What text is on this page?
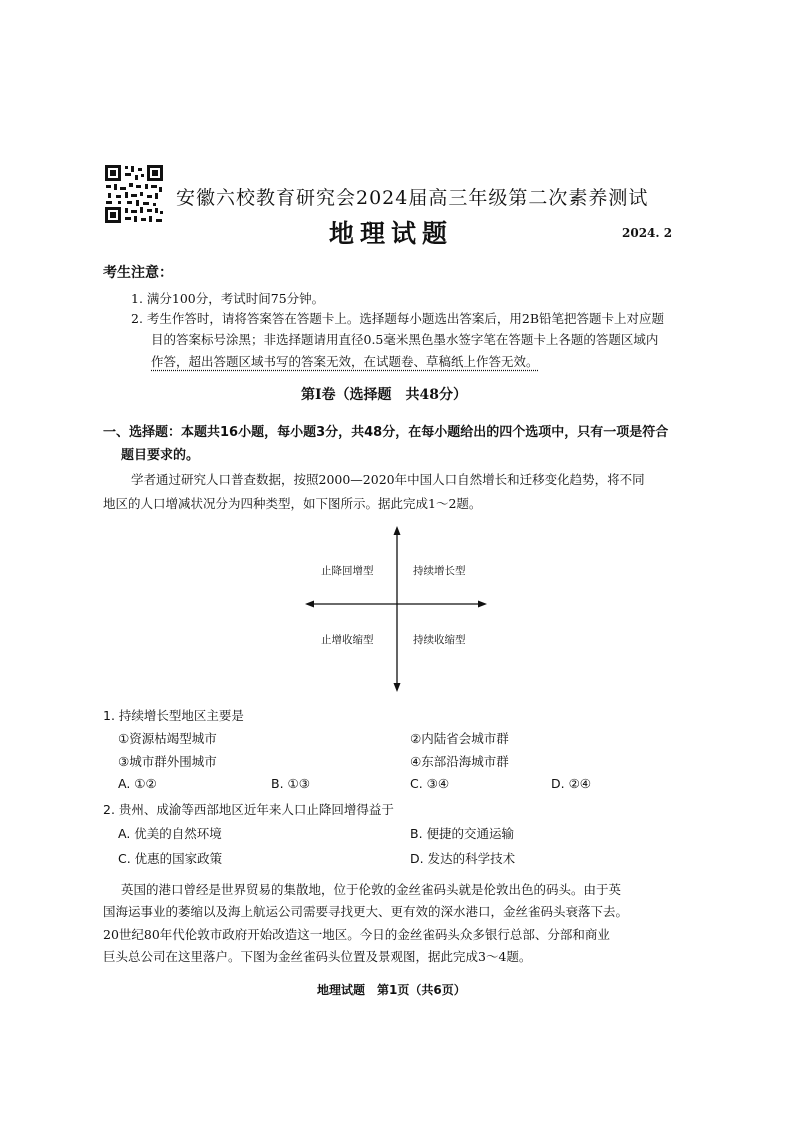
安徽六校教育研究会2024届高三年级第二次素养测试
地理试题	2024. 2
考生注意：
1. 满分100分，考试时间75分钟。
2. 考生作答时，请将答案答在答题卡上。选择题每小题选出答案后，用2B铅笔把答题卡上对应题
目的答案标号涂黑；非选择题请用直径0.5毫米黑色墨水签字笔在答题卡上各题的答题区域内
作答，超出答题区域书写的答案无效，在试题卷、草稿纸上作答无效。
第Ⅰ卷（选择题　共48分）
一、选择题：本题共16小题，每小题3分，共48分，在每小题给出的四个选项中，只有一项是符合
题目要求的。
学者通过研究人口普查数据，按照2000—2020年中国人口自然增长和迁移变化趋势，将不同
地区的人口增减状况分为四种类型，如下图所示。据此完成1～2题。
止降回增型	持续增长型
止增收缩型	持续收缩型
1. 持续增长型地区主要是
①资源枯竭型城市	②内陆省会城市群
③城市群外围城市	④东部沿海城市群
A. ①②	B. ①③	C. ③④	D. ②④
2. 贵州、成渝等西部地区近年来人口止降回增得益于
A. 优美的自然环境	B. 便捷的交通运输
C. 优惠的国家政策	D. 发达的科学技术
英国的港口曾经是世界贸易的集散地，位于伦敦的金丝雀码头就是伦敦出色的码头。由于英
国海运事业的萎缩以及海上航运公司需要寻找更大、更有效的深水港口，金丝雀码头衰落下去。
20世纪80年代伦敦市政府开始改造这一地区。今日的金丝雀码头众多银行总部、分部和商业
巨头总公司在这里落户。下图为金丝雀码头位置及景观图，据此完成3～4题。
地理试题　第1页（共6页）
